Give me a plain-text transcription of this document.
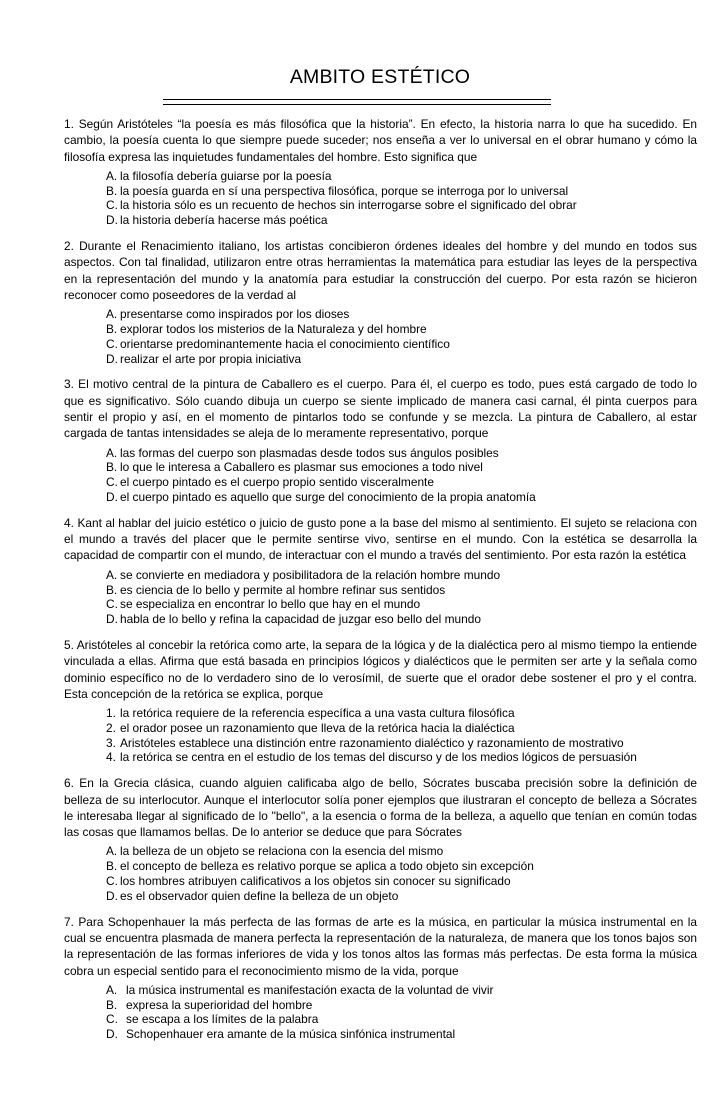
AMBITO ESTÉTICO

1. Según Aristóteles “la poesía es más filosófica que la historia”. En efecto, la historia narra lo que ha sucedido. En cambio, la poesía cuenta lo que siempre puede suceder; nos enseña a ver lo universal en el obrar humano y cómo la filosofía expresa las inquietudes fundamentales del hombre. Esto significa que

A. la filosofía debería guiarse por la poesía
B. la poesía guarda en sí una perspectiva filosófica, porque se interroga por lo universal
C. la historia sólo es un recuento de hechos sin interrogarse sobre el significado del obrar
D. la historia debería hacerse más poética

2. Durante el Renacimiento italiano, los artistas concibieron órdenes ideales del hombre y del mundo en todos sus aspectos. Con tal finalidad, utilizaron entre otras herramientas la matemática para estudiar las leyes de la perspectiva en la representación del mundo y la anatomía para estudiar la construcción del cuerpo. Por esta razón se hicieron reconocer como poseedores de la verdad al

A. presentarse como inspirados por los dioses
B. explorar todos los misterios de la Naturaleza y del hombre
C. orientarse predominantemente hacia el conocimiento científico
D. realizar el arte por propia iniciativa

3. El motivo central de la pintura de Caballero es el cuerpo. Para él, el cuerpo es todo, pues está cargado de todo lo que es significativo. Sólo cuando dibuja un cuerpo se siente implicado de manera casi carnal, él pinta cuerpos para sentir el propio y así, en el momento de pintarlos todo se confunde y se mezcla. La pintura de Caballero, al estar cargada de tantas intensidades se aleja de lo meramente representativo, porque

A. las formas del cuerpo son plasmadas desde todos sus ángulos posibles
B. lo que le interesa a Caballero es plasmar sus emociones a todo nivel
C. el cuerpo pintado es el cuerpo propio sentido visceralmente
D. el cuerpo pintado es aquello que surge del conocimiento de la propia anatomía

4. Kant al hablar del juicio estético o juicio de gusto pone a la base del mismo al sentimiento. El sujeto se relaciona con el mundo a través del placer que le permite sentirse vivo, sentirse en el mundo. Con la estética se desarrolla la capacidad de compartir con el mundo, de interactuar con el mundo a través del sentimiento. Por esta razón la estética

A. se convierte en mediadora y posibilitadora de la relación hombre mundo
B. es ciencia de lo bello y permite al hombre refinar sus sentidos
C. se especializa en encontrar lo bello que hay en el mundo
D. habla de lo bello y refina la capacidad de juzgar eso bello del mundo

5. Aristóteles al concebir la retórica como arte, la separa de la lógica y de la dialéctica pero al mismo tiempo la entiende vinculada a ellas. Afirma que está basada en principios lógicos y dialécticos que le permiten ser arte y la señala como dominio específico no de lo verdadero sino de lo verosímil, de suerte que el orador debe sostener el pro y el contra. Esta concepción de la retórica se explica, porque

1. la retórica requiere de la referencia específica a una vasta cultura filosófica
2. el orador posee un razonamiento que lleva de la retórica hacia la dialéctica
3. Aristóteles establece una distinción entre razonamiento dialéctico y razonamiento de mostrativo
4. la retórica se centra en el estudio de los temas del discurso y de los medios lógicos de persuasión

6. En la Grecia clásica, cuando alguien calificaba algo de bello, Sócrates buscaba precisión sobre la definición de belleza de su interlocutor. Aunque el interlocutor solía poner ejemplos que ilustraran el concepto de belleza a Sócrates le interesaba llegar al significado de lo "bello", a la esencia o forma de la belleza, a aquello que tenían en común todas las cosas que llamamos bellas. De lo anterior se deduce que para Sócrates

A. la belleza de un objeto se relaciona con la esencia del mismo
B. el concepto de belleza es relativo porque se aplica a todo objeto sin excepción
C. los hombres atribuyen calificativos a los objetos sin conocer su significado
D. es el observador quien define la belleza de un objeto

7. Para Schopenhauer la más perfecta de las formas de arte es la música, en particular la música instrumental en la cual se encuentra plasmada de manera perfecta la representación de la naturaleza, de manera que los tonos bajos son la representación de las formas inferiores de vida y los tonos altos las formas más perfectas. De esta forma la música cobra un especial sentido para el reconocimiento mismo de la vida, porque

A. la música instrumental es manifestación exacta de la voluntad de vivir
B. expresa la superioridad del hombre
C. se escapa a los límites de la palabra
D. Schopenhauer era amante de la música sinfónica instrumental
